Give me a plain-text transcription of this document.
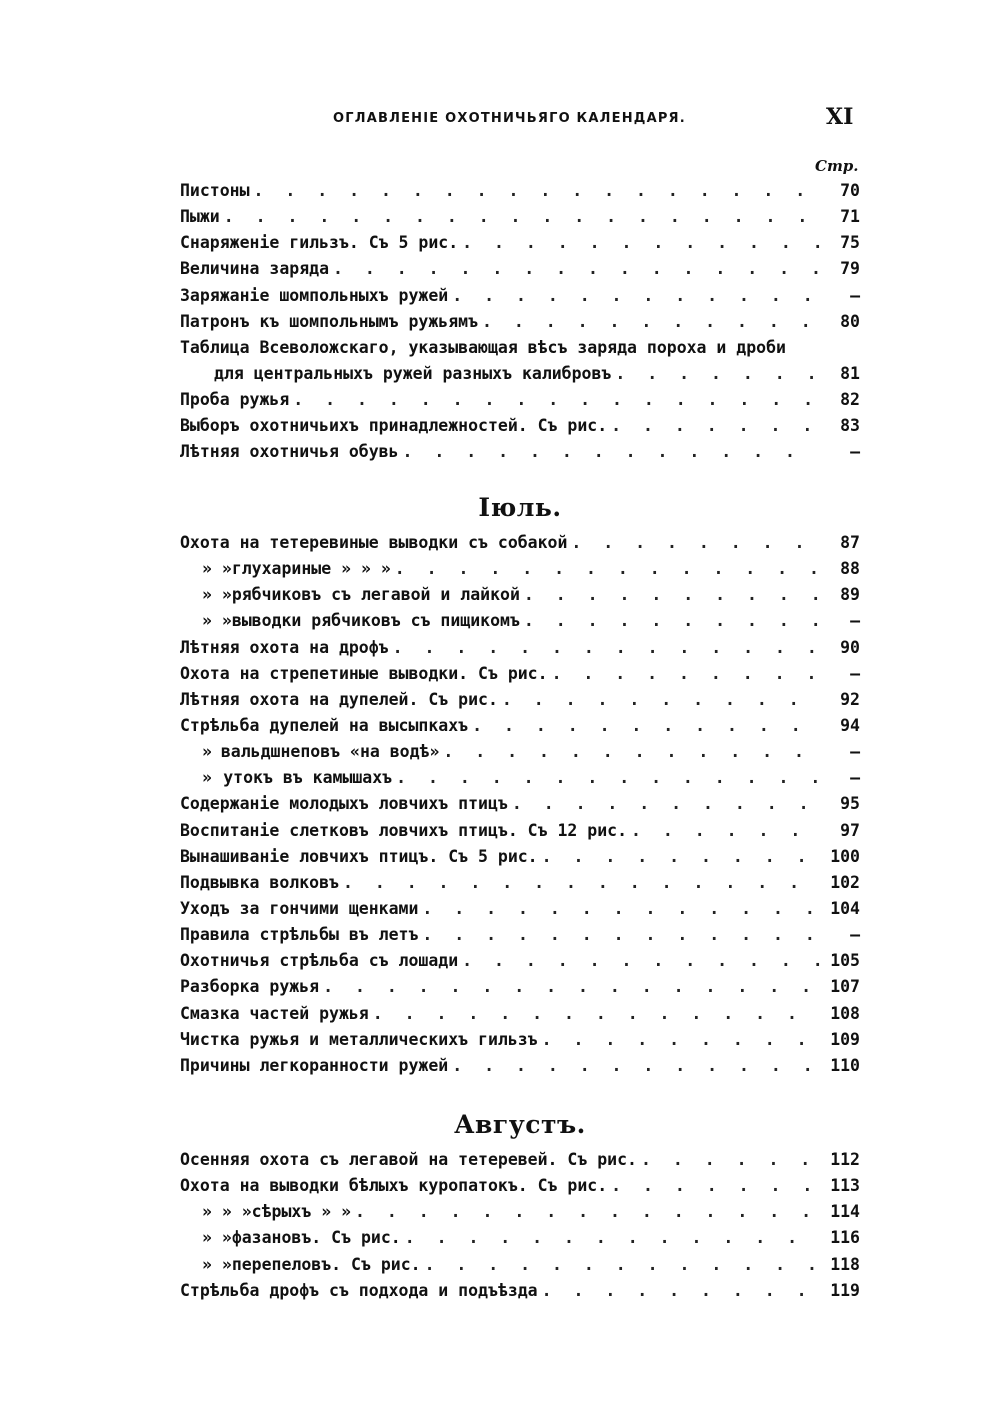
ОГЛАВЛЕНІЕ ОХОТНИЧЬЯГО КАЛЕНДАРЯ.	XI
Стр.
Пистоны . . .	70
Пыжи . . .	71
Снаряженіе гильзъ. Съ 5 рис. . . .	75
Величина заряда . . .	79
Заряжаніе шомпольныхъ ружей . . .	—
Патронъ къ шомпольнымъ ружьямъ . . .	80
Таблица Всеволожскаго, указывающая вѣсъ заряда пороха и дроби
для центральныхъ ружей разныхъ калибровъ . . .	81
Проба ружья . . .	82
Выборъ охотничьихъ принадлежностей. Съ рис. . . .	83
Лѣтняя охотничья обувь . . .	—
Іюль.
Охота на тетеревиные выводки съ собакой . . .	87
» » глухариные » » » . . .	88
» » рябчиковъ съ легавой и лайкой . . .	89
» » выводки рябчиковъ съ пищикомъ . . .	—
Лѣтняя охота на дрофъ . . .	90
Охота на стрепетиные выводки. Съ рис. . . .	—
Лѣтняя охота на дупелей. Съ рис. . . .	92
Стрѣльба дупелей на высыпкахъ . . .	94
» вальдшнеповъ «на водѣ» . . .	—
» утокъ въ камышахъ . . .	—
Содержаніе молодыхъ ловчихъ птицъ . . .	95
Воспитаніе слетковъ ловчихъ птицъ. Съ 12 рис. . . .	97
Вынашиваніе ловчихъ птицъ. Съ 5 рис. . . .	100
Подвывка волковъ . . .	102
Уходъ за гончими щенками . . .	104
Правила стрѣльбы въ летъ . . .	—
Охотничья стрѣльба съ лошади . . .	105
Разборка ружья . . .	107
Смазка частей ружья . . .	108
Чистка ружья и металлическихъ гильзъ . . .	109
Причины легкоранности ружей . . .	110
Августъ.
Осенняя охота съ легавой на тетеревей. Съ рис. . . .	112
Охота на выводки бѣлыхъ куропатокъ. Съ рис. . . .	113
» » » сѣрыхъ » » . . .	114
» » фазановъ. Съ рис. . . .	116
» » перепеловъ. Съ рис. . . .	118
Стрѣльба дрофъ съ подхода и подъѣзда . . .	119
